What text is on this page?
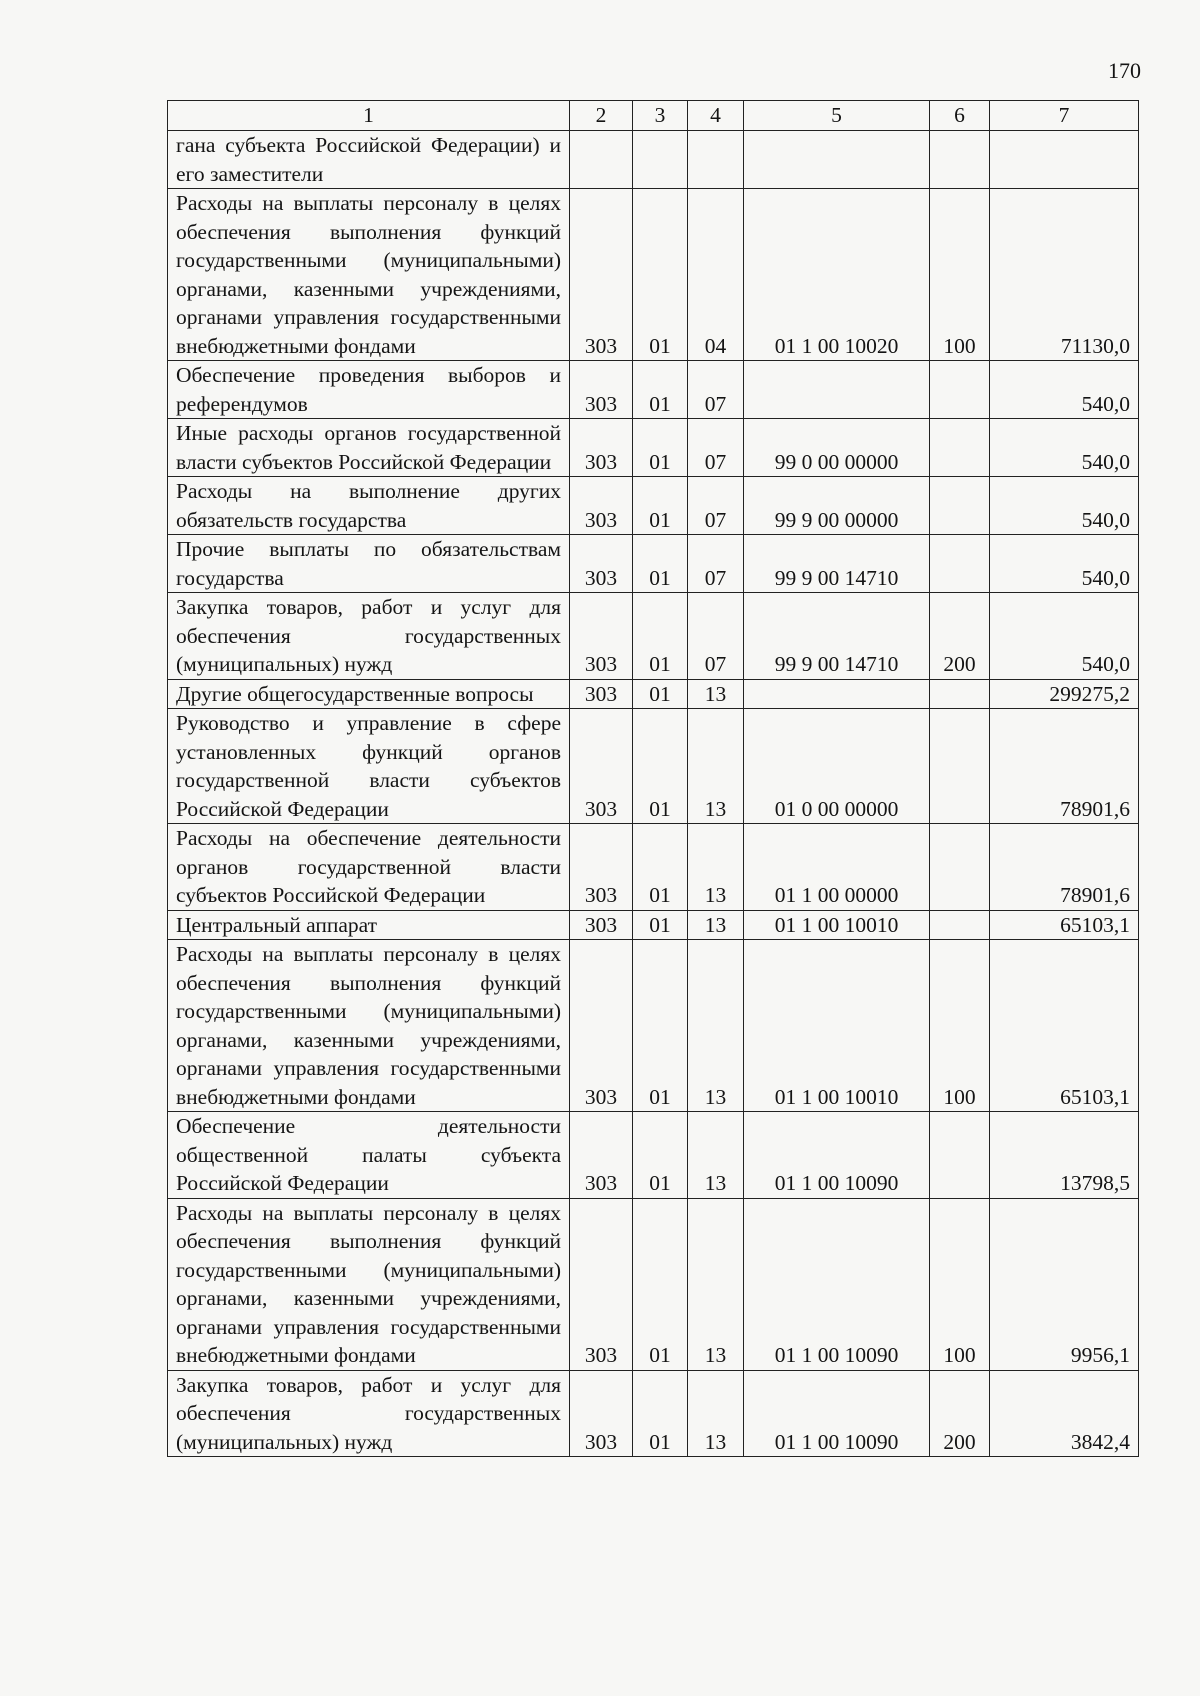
170
1	2	3	4	5	6	7
гана субъекта Российской Федерации) и его заместители						
Расходы на выплаты персоналу в целях обеспечения выполнения функций государственными (муниципальными) органами, казенными учреждениями, органами управления государственными внебюджетными фондами	303	01	04	01 1 00 10020	100	71130,0
Обеспечение проведения выборов и референдумов	303	01	07			540,0
Иные расходы органов государственной власти субъектов Российской Федерации	303	01	07	99 0 00 00000		540,0
Расходы на выполнение других обязательств государства	303	01	07	99 9 00 00000		540,0
Прочие выплаты по обязательствам государства	303	01	07	99 9 00 14710		540,0
Закупка товаров, работ и услуг для обеспечения государственных (муниципальных) нужд	303	01	07	99 9 00 14710	200	540,0
Другие общегосударственные вопросы	303	01	13			299275,2
Руководство и управление в сфере установленных функций органов государственной власти субъектов Российской Федерации	303	01	13	01 0 00 00000		78901,6
Расходы на обеспечение деятельности органов государственной власти субъектов Российской Федерации	303	01	13	01 1 00 00000		78901,6
Центральный аппарат	303	01	13	01 1 00 10010		65103,1
Расходы на выплаты персоналу в целях обеспечения выполнения функций государственными (муниципальными) органами, казенными учреждениями, органами управления государственными внебюджетными фондами	303	01	13	01 1 00 10010	100	65103,1
Обеспечение деятельности общественной палаты субъекта Российской Федерации	303	01	13	01 1 00 10090		13798,5
Расходы на выплаты персоналу в целях обеспечения выполнения функций государственными (муниципальными) органами, казенными учреждениями, органами управления государственными внебюджетными фондами	303	01	13	01 1 00 10090	100	9956,1
Закупка товаров, работ и услуг для обеспечения государственных (муниципальных) нужд	303	01	13	01 1 00 10090	200	3842,4
